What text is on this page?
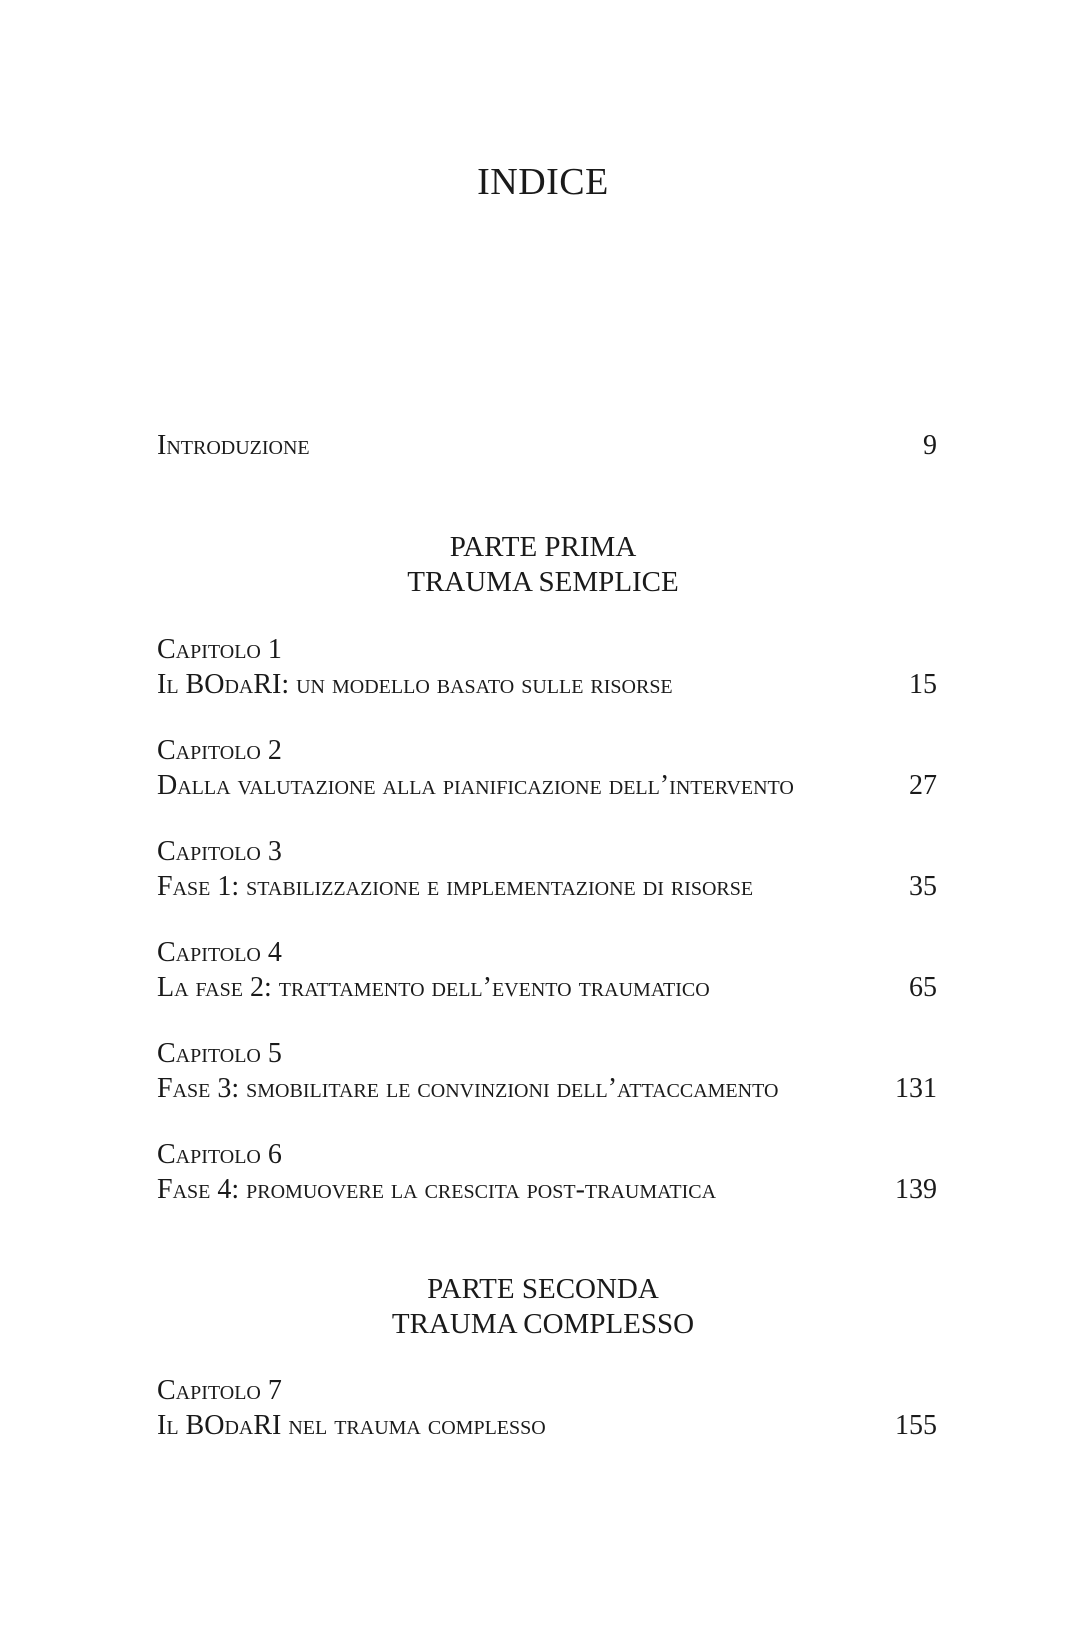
INDICE
Introduzione	9
PARTE PRIMA
TRAUMA SEMPLICE
Capitolo 1
Il BOdaRI: un modello basato sulle risorse	15
Capitolo 2
Dalla valutazione alla pianificazione dell’intervento	27
Capitolo 3
Fase 1: stabilizzazione e implementazione di risorse	35
Capitolo 4
La fase 2: trattamento dell’evento traumatico	65
Capitolo 5
Fase 3: smobilitare le convinzioni dell’attaccamento	131
Capitolo 6
Fase 4: promuovere la crescita post-traumatica	139
PARTE SECONDA
TRAUMA COMPLESSO
Capitolo 7
Il BOdaRI nel trauma complesso	155
